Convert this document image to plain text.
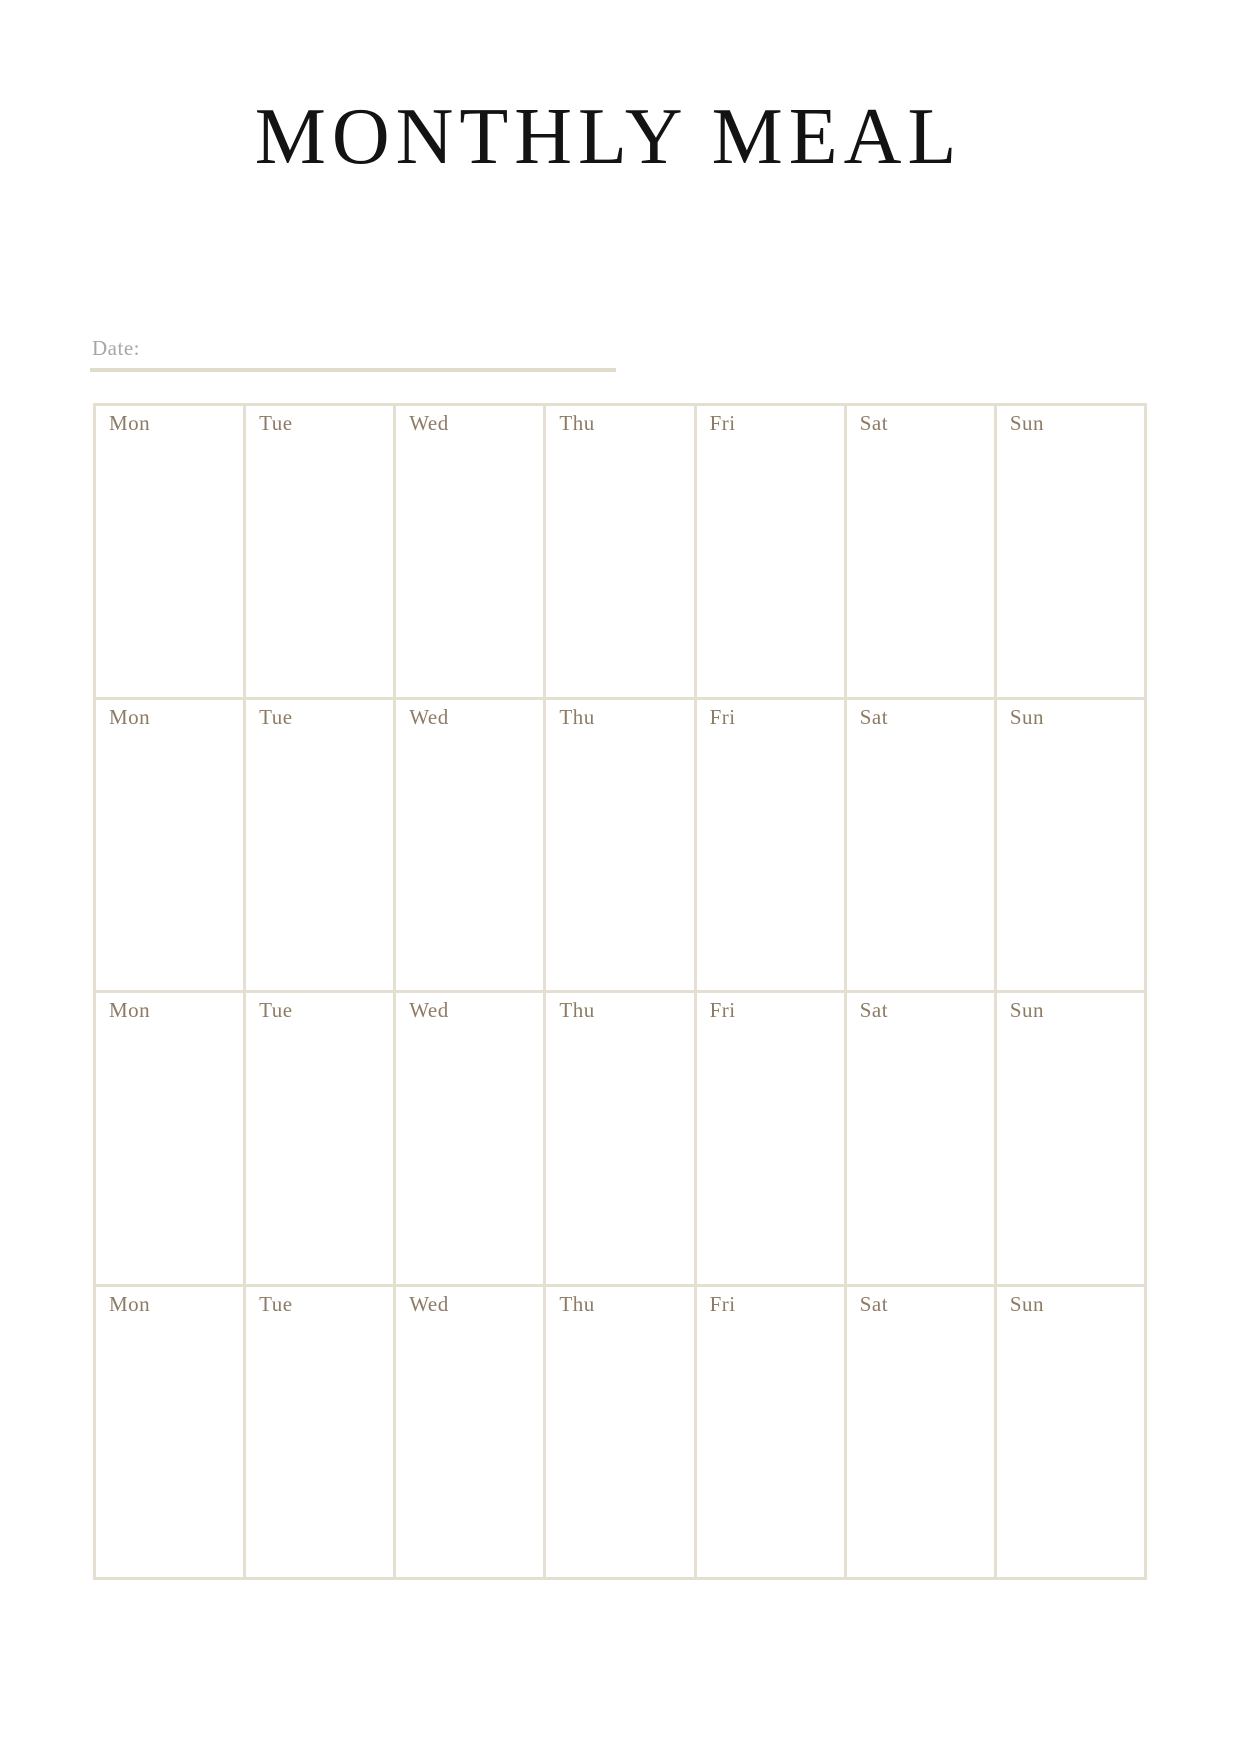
MONTHLY MEAL
Date:
Mon	Tue	Wed	Thu	Fri	Sat	Sun
Mon	Tue	Wed	Thu	Fri	Sat	Sun
Mon	Tue	Wed	Thu	Fri	Sat	Sun
Mon	Tue	Wed	Thu	Fri	Sat	Sun
